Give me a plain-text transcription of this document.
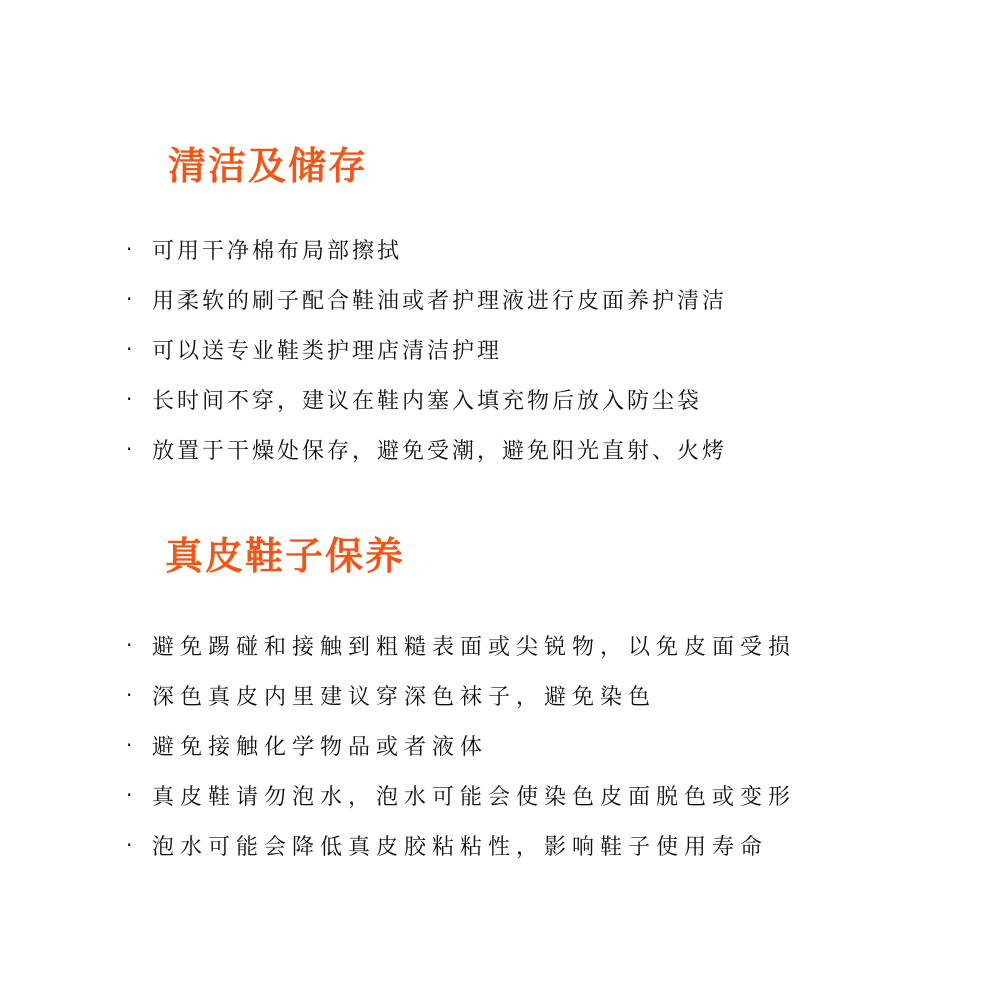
清洁及储存
· 可用干净棉布局部擦拭
· 用柔软的刷子配合鞋油或者护理液进行皮面养护清洁
· 可以送专业鞋类护理店清洁护理
· 长时间不穿，建议在鞋内塞入填充物后放入防尘袋
· 放置于干燥处保存，避免受潮，避免阳光直射、火烤
真皮鞋子保养
· 避免踢碰和接触到粗糙表面或尖锐物，以免皮面受损
· 深色真皮内里建议穿深色袜子，避免染色
· 避免接触化学物品或者液体
· 真皮鞋请勿泡水，泡水可能会使染色皮面脱色或变形
· 泡水可能会降低真皮胶粘粘性，影响鞋子使用寿命
